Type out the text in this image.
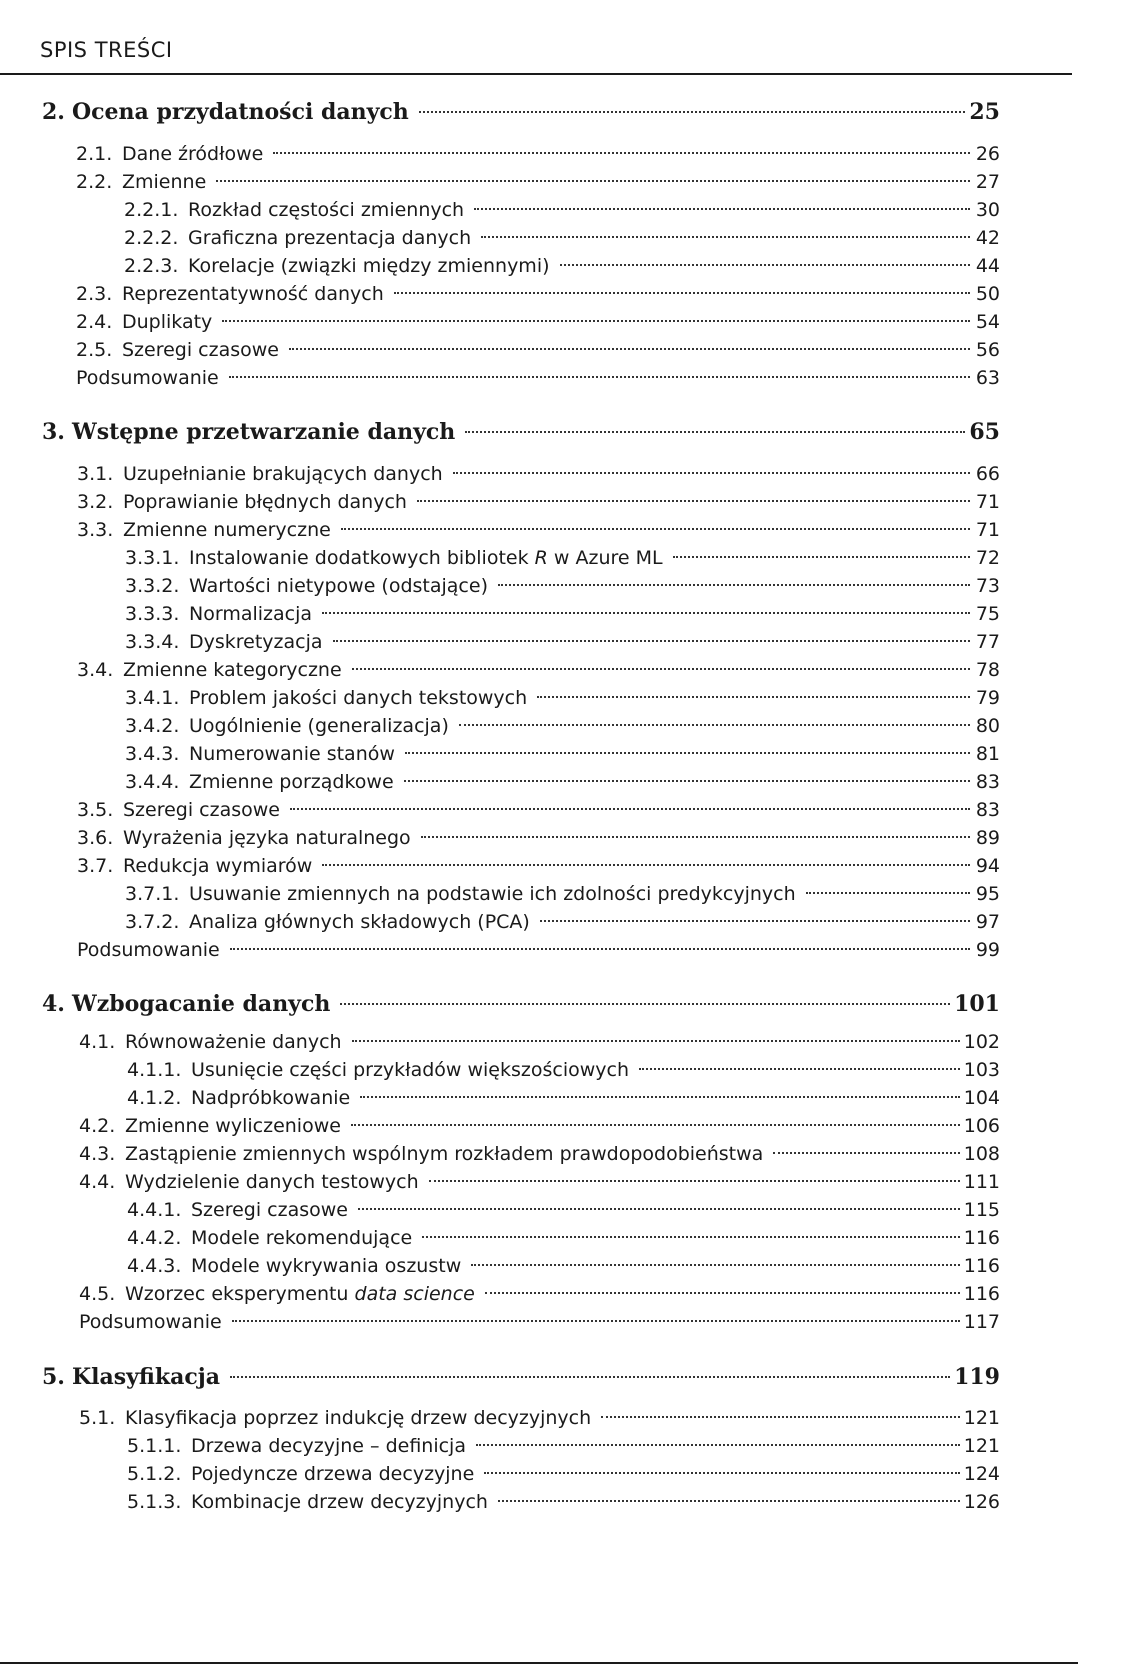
SPIS TREŚCI
2. Ocena przydatności danych	25
2.1. Dane źródłowe	26
2.2. Zmienne	27
2.2.1. Rozkład częstości zmiennych	30
2.2.2. Graficzna prezentacja danych	42
2.2.3. Korelacje (związki między zmiennymi)	44
2.3. Reprezentatywność danych	50
2.4. Duplikaty	54
2.5. Szeregi czasowe	56
Podsumowanie	63
3. Wstępne przetwarzanie danych	65
3.1. Uzupełnianie brakujących danych	66
3.2. Poprawianie błędnych danych	71
3.3. Zmienne numeryczne	71
3.3.1. Instalowanie dodatkowych bibliotek R w Azure ML	72
3.3.2. Wartości nietypowe (odstające)	73
3.3.3. Normalizacja	75
3.3.4. Dyskretyzacja	77
3.4. Zmienne kategoryczne	78
3.4.1. Problem jakości danych tekstowych	79
3.4.2. Uogólnienie (generalizacja)	80
3.4.3. Numerowanie stanów	81
3.4.4. Zmienne porządkowe	83
3.5. Szeregi czasowe	83
3.6. Wyrażenia języka naturalnego	89
3.7. Redukcja wymiarów	94
3.7.1. Usuwanie zmiennych na podstawie ich zdolności predykcyjnych	95
3.7.2. Analiza głównych składowych (PCA)	97
Podsumowanie	99
4. Wzbogacanie danych	101
4.1. Równoważenie danych	102
4.1.1. Usunięcie części przykładów większościowych	103
4.1.2. Nadpróbkowanie	104
4.2. Zmienne wyliczeniowe	106
4.3. Zastąpienie zmiennych wspólnym rozkładem prawdopodobieństwa	108
4.4. Wydzielenie danych testowych	111
4.4.1. Szeregi czasowe	115
4.4.2. Modele rekomendujące	116
4.4.3. Modele wykrywania oszustw	116
4.5. Wzorzec eksperymentu data science	116
Podsumowanie	117
5. Klasyfikacja	119
5.1. Klasyfikacja poprzez indukcję drzew decyzyjnych	121
5.1.1. Drzewa decyzyjne – definicja	121
5.1.2. Pojedyncze drzewa decyzyjne	124
5.1.3. Kombinacje drzew decyzyjnych	126
